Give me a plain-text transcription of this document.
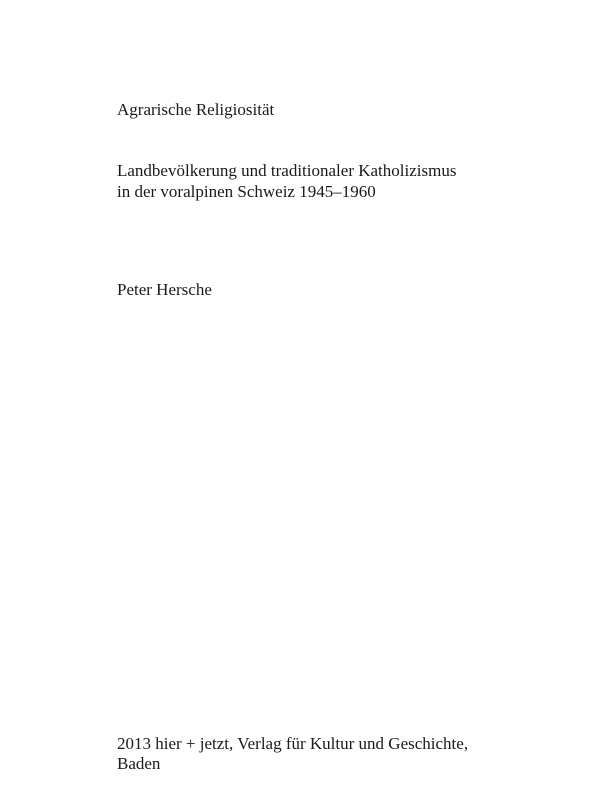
Agrarische Religiosität
Landbevölkerung und traditionaler Katholizismus
in der voralpinen Schweiz 1945–1960

Peter Hersche

2013 hier + jetzt, Verlag für Kultur und Geschichte,
Baden
